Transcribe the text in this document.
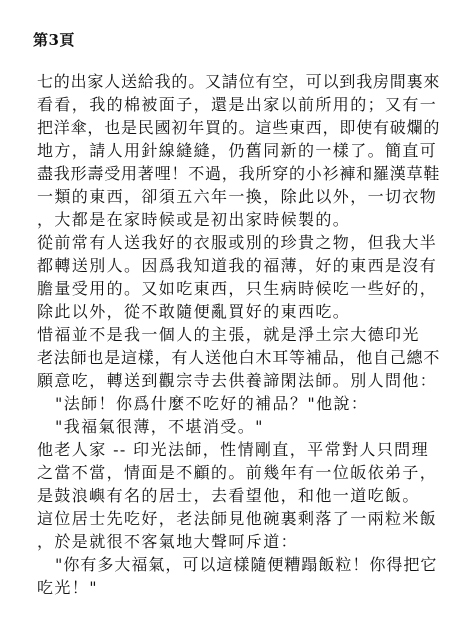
第3頁
七的出家人送給我的。又請位有空，可以到我房間裏來
看看，我的棉被面子，還是出家以前所用的；又有一
把洋傘，也是民國初年買的。這些東西，即使有破爛的
地方，請人用針線縫縫，仍舊同新的一樣了。簡直可
盡我形壽受用著哩！不過，我所穿的小衫褲和羅漢草鞋
一類的東西，卻須五六年一換，除此以外，一切衣物
，大都是在家時候或是初出家時候製的。
從前常有人送我好的衣服或別的珍貴之物，但我大半
都轉送別人。因爲我知道我的福薄，好的東西是沒有
膽量受用的。又如吃東西，只生病時候吃一些好的，
除此以外，從不敢隨便亂買好的東西吃。
惜福並不是我一個人的主張，就是淨土宗大德印光
老法師也是這樣，有人送他白木耳等補品，他自己總不
願意吃，轉送到觀宗寺去供養諦閑法師。別人問他：
"法師！你爲什麼不吃好的補品？"他說：
"我福氣很薄，不堪消受。"
他老人家 -- 印光法師，性情剛直，平常對人只問理
之當不當，情面是不顧的。前幾年有一位皈依弟子，
是鼓浪嶼有名的居士，去看望他，和他一道吃飯。
這位居士先吃好，老法師見他碗裏剩落了一兩粒米飯
，於是就很不客氣地大聲呵斥道：
"你有多大福氣，可以這樣隨便糟蹋飯粒！你得把它
吃光！"
